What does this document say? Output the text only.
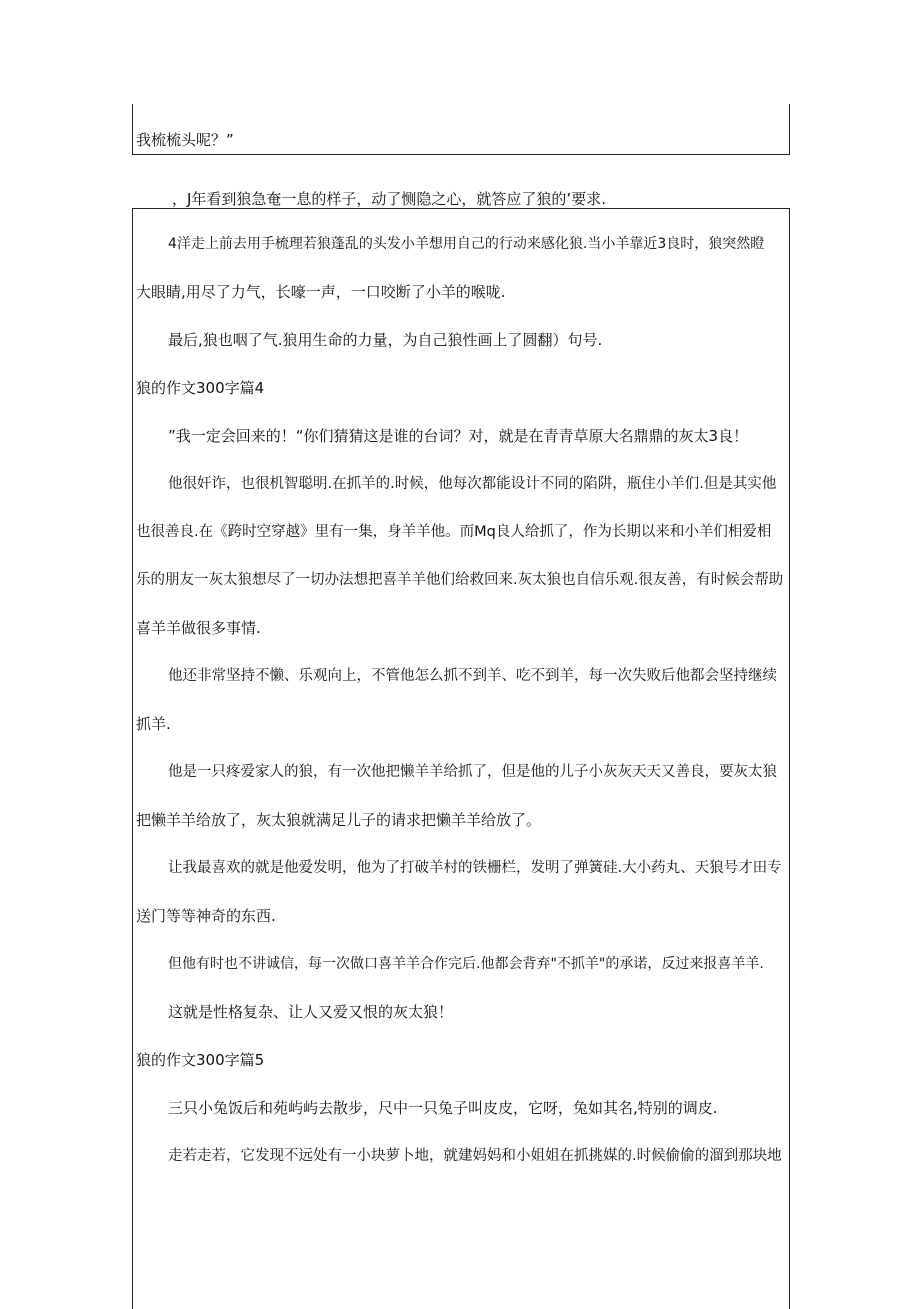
我梳梳头呢？”

，J年看到狼急奄一息的样子，动了恻隐之心，就答应了狼的’要求.

4洋走上前去用手梳理若狼蓬乱的头发小羊想用自己的行动来感化狼.当小羊靠近3良时，狼突然瞪

大眼睛,用尽了力气，长嚎一声，一口咬断了小羊的喉咙.

最后,狼也咽了气.狼用生命的力量，为自己狼性画上了圆翻）句号.

狼的作文300字篇4

”我一定会回来的！“你们猜猜这是谁的台词？对，就是在青青草原大名鼎鼎的灰太3良！

他很奸诈，也很机智聪明.在抓羊的.时候，他每次都能设计不同的陷阱，瓶住小羊们.但是其实他

也很善良.在《跨时空穿越》里有一集，身羊羊他。而Mq良人给抓了，作为长期以来和小羊们相爱相

乐的朋友一灰太狼想尽了一切办法想把喜羊羊他们给救回来.灰太狼也自信乐观.很友善，有时候会帮助

喜羊羊做很多事情.

他还非常坚持不懒、乐观向上，不管他怎么抓不到羊、吃不到羊，每一次失败后他都会坚持继续

抓羊.

他是一只疼爱家人的狼，有一次他把懒羊羊给抓了，但是他的儿子小灰灰天天又善良，要灰太狼

把懒羊羊给放了，灰太狼就满足儿子的请求把懒羊羊给放了。

让我最喜欢的就是他爱发明，他为了打破羊村的铁栅栏，发明了弹簧硅.大小药丸、天狼号才田专

送门等等神奇的东西.

但他有时也不讲诚信，每一次做口喜羊羊合作完后.他都会背弃"不抓羊"的承诺，反过来报喜羊羊.

这就是性格复杂、让人又爱又恨的灰太狼！

狼的作文300字篇5

三只小兔饭后和苑屿屿去散步，尺中一只兔子叫皮皮，它呀，兔如其名,特别的调皮.

走若走若，它发现不远处有一小块萝卜地，就建妈妈和小姐姐在抓挑媒的.时候偷偷的溜到那块地
